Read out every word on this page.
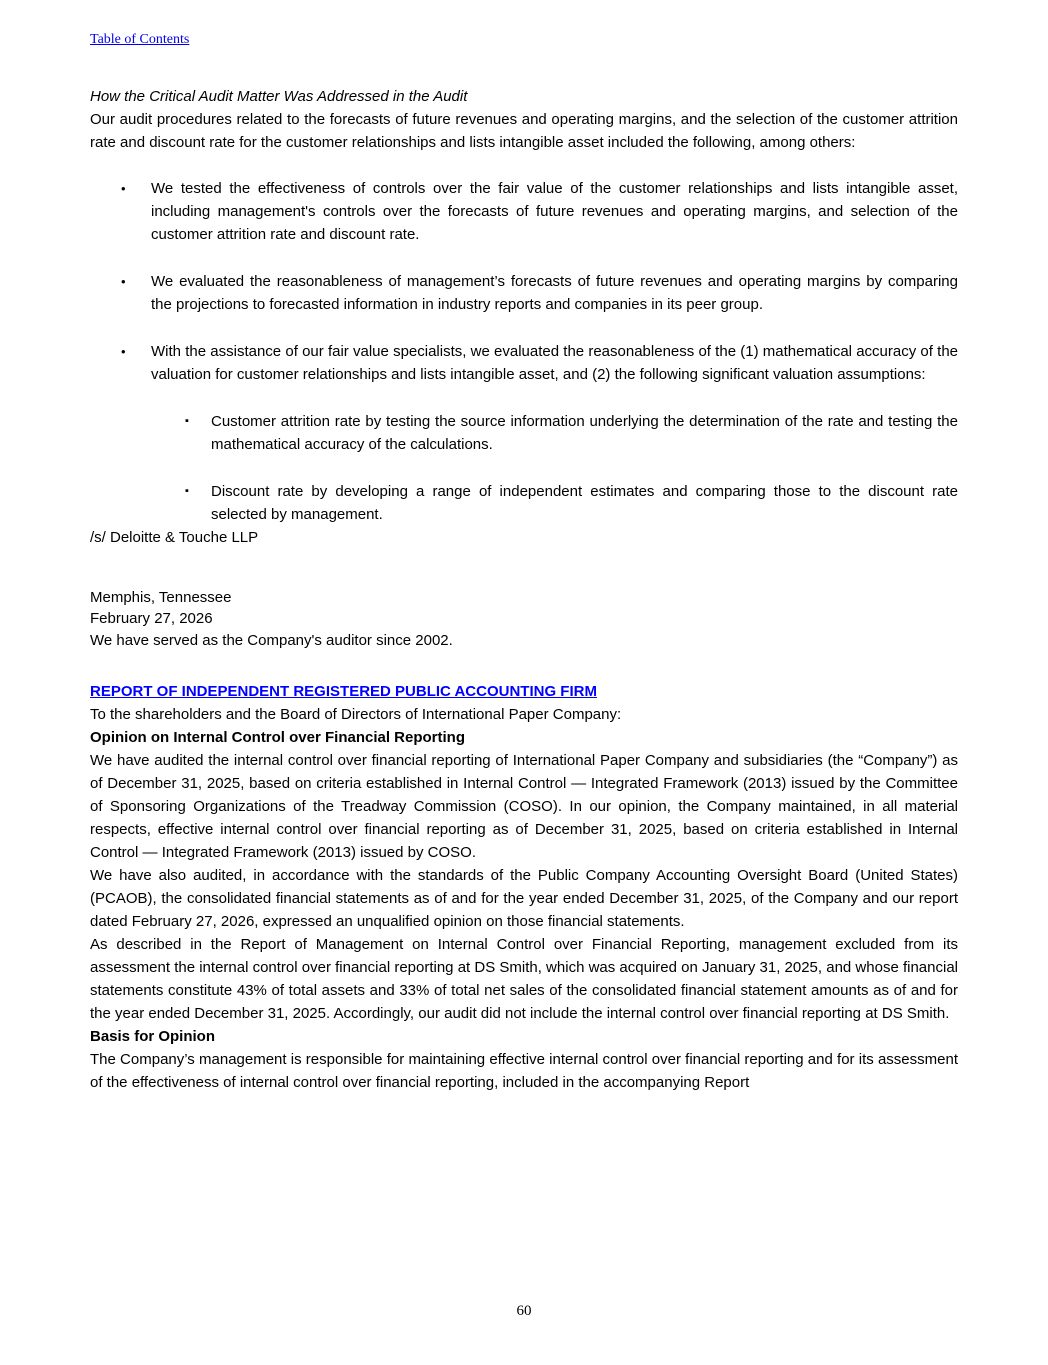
Table of Contents
How the Critical Audit Matter Was Addressed in the Audit

Our audit procedures related to the forecasts of future revenues and operating margins, and the selection of the customer attrition rate and discount rate for the customer relationships and lists intangible asset included the following, among others:

•	We tested the effectiveness of controls over the fair value of the customer relationships and lists intangible asset, including management's controls over the forecasts of future revenues and operating margins, and selection of the customer attrition rate and discount rate.
•	We evaluated the reasonableness of management’s forecasts of future revenues and operating margins by comparing the projections to forecasted information in industry reports and companies in its peer group.
•	With the assistance of our fair value specialists, we evaluated the reasonableness of the (1) mathematical accuracy of the valuation for customer relationships and lists intangible asset, and (2) the following significant valuation assumptions:
▪	Customer attrition rate by testing the source information underlying the determination of the rate and testing the mathematical accuracy of the calculations.
▪	Discount rate by developing a range of independent estimates and comparing those to the discount rate selected by management.

/s/ Deloitte & Touche LLP

Memphis, Tennessee

February 27, 2026

We have served as the Company's auditor since 2002.

REPORT OF INDEPENDENT REGISTERED PUBLIC ACCOUNTING FIRM

To the shareholders and the Board of Directors of International Paper Company:

Opinion on Internal Control over Financial Reporting

We have audited the internal control over financial reporting of International Paper Company and subsidiaries (the “Company”) as of December 31, 2025, based on criteria established in Internal Control — Integrated Framework (2013) issued by the Committee of Sponsoring Organizations of the Treadway Commission (COSO). In our opinion, the Company maintained, in all material respects, effective internal control over financial reporting as of December 31, 2025, based on criteria established in Internal Control — Integrated Framework (2013) issued by COSO.

We have also audited, in accordance with the standards of the Public Company Accounting Oversight Board (United States) (PCAOB), the consolidated financial statements as of and for the year ended December 31, 2025, of the Company and our report dated February 27, 2026, expressed an unqualified opinion on those financial statements.

As described in the Report of Management on Internal Control over Financial Reporting, management excluded from its assessment the internal control over financial reporting at DS Smith, which was acquired on January 31, 2025, and whose financial statements constitute 43% of total assets and 33% of total net sales of the consolidated financial statement amounts as of and for the year ended December 31, 2025. Accordingly, our audit did not include the internal control over financial reporting at DS Smith.

Basis for Opinion

The Company’s management is responsible for maintaining effective internal control over financial reporting and for its assessment of the effectiveness of internal control over financial reporting, included in the accompanying Report

60
